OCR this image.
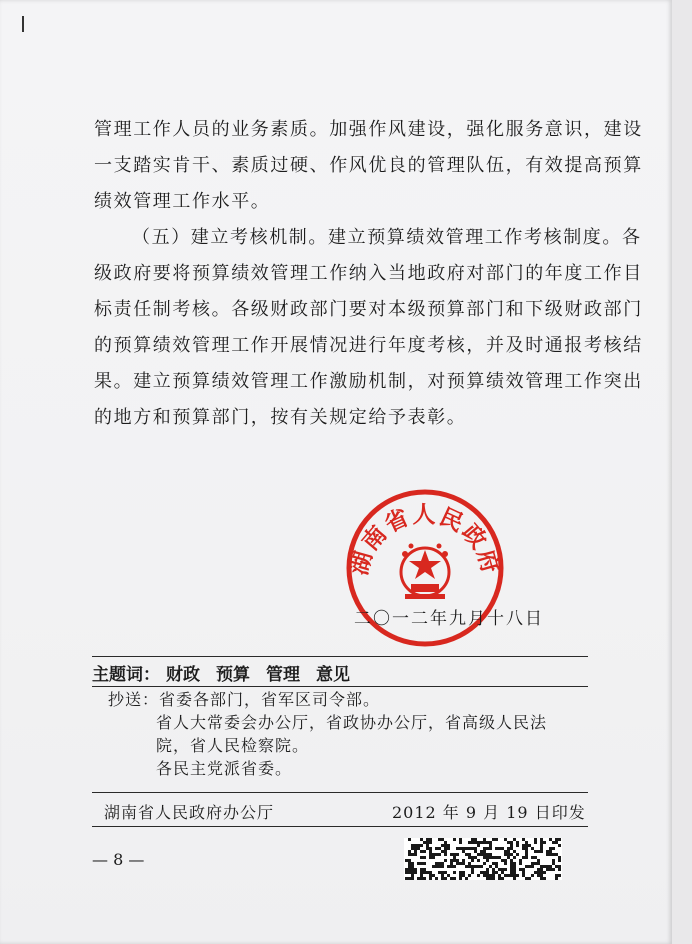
管理工作人员的业务素质。加强作风建设，强化服务意识，建设
一支踏实肯干、素质过硬、作风优良的管理队伍，有效提高预算
绩效管理工作水平。

（五）建立考核机制。建立预算绩效管理工作考核制度。各
级政府要将预算绩效管理工作纳入当地政府对部门的年度工作目
标责任制考核。各级财政部门要对本级预算部门和下级财政部门
的预算绩效管理工作开展情况进行年度考核，并及时通报考核结
果。建立预算绩效管理工作激励机制，对预算绩效管理工作突出
的地方和预算部门，按有关规定给予表彰。

湖南省人民政府
二〇一二年九月十八日
主题词： 财政 预算 管理 意见
抄送：省委各部门，省军区司令部。
省人大常委会办公厅，省政协办公厅，省高级人民法
院，省人民检察院。
各民主党派省委。
湖南省人民政府办公厅	2012 年 9 月 19 日印发
— 8 —
